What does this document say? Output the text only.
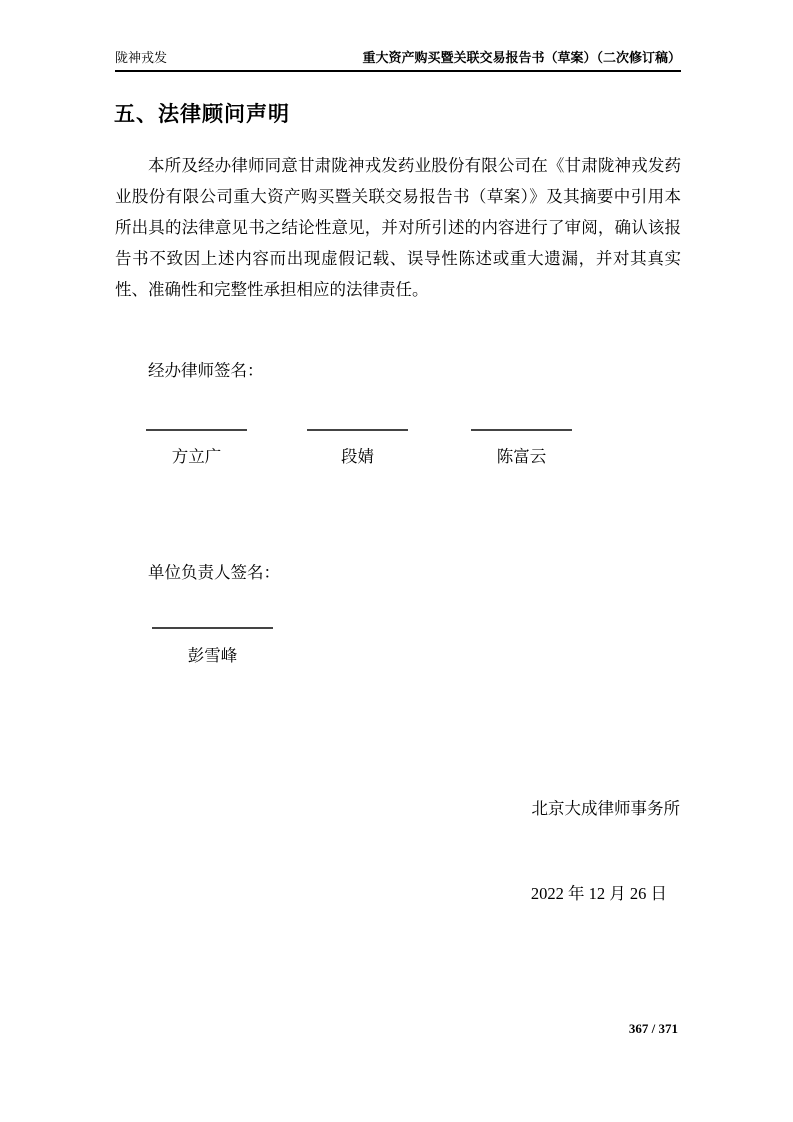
陇神戎发	重大资产购买暨关联交易报告书（草案）（二次修订稿）
五、法律顾问声明

本所及经办律师同意甘肃陇神戎发药业股份有限公司在《甘肃陇神戎发药业股份有限公司重大资产购买暨关联交易报告书（草案）》及其摘要中引用本所出具的法律意见书之结论性意见，并对所引述的内容进行了审阅，确认该报告书不致因上述内容而出现虚假记载、误导性陈述或重大遗漏，并对其真实性、准确性和完整性承担相应的法律责任。

经办律师签名：
方立广	段婧	陈富云
单位负责人签名：
彭雪峰
北京大成律师事务所
2022 年 12 月 26 日
367 / 371
